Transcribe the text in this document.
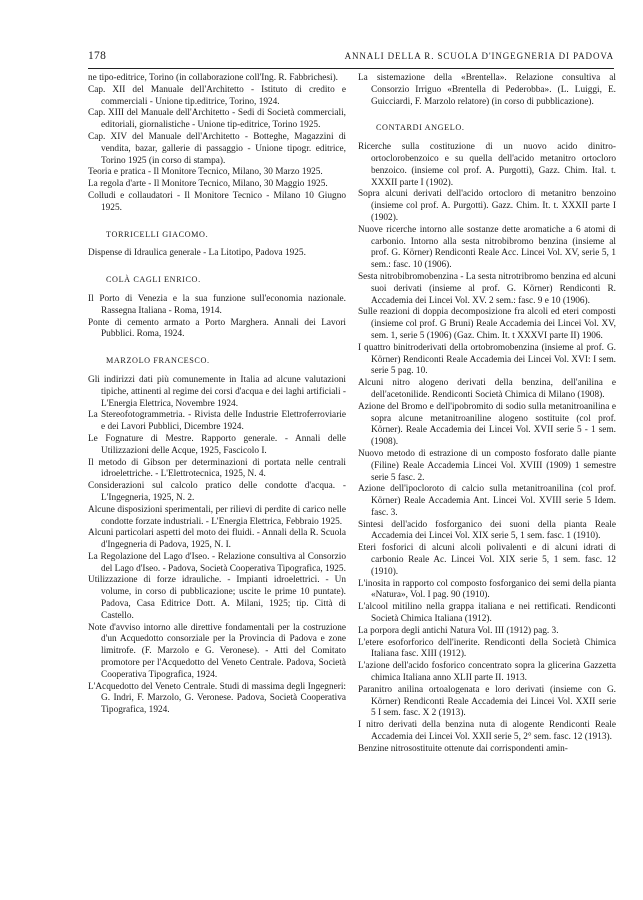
178	ANNALI DELLA R. SCUOLA D'INGEGNERIA DI PADOVA

ne tipo-editrice, Torino (in collaborazione coll'Ing. R. Fabbrichesi).

Cap. XII del Manuale dell'Architetto - Istituto di credito e commerciali - Unione tip.editrice, Torino, 1924.

Cap. XIII del Manuale dell'Architetto - Sedi di Società commerciali, editoriali, giornalistiche - Unione tip-editrice, Torino 1925.

Cap. XIV del Manuale dell'Architetto - Botteghe, Magazzini di vendita, bazar, gallerie di passaggio - Unione tipogr. editrice, Torino 1925 (in corso di stampa).

Teoria e pratica - Il Monitore Tecnico, Milano, 30 Marzo 1925.

La regola d'arte - Il Monitore Tecnico, Milano, 30 Maggio 1925.

Colludi e collaudatori - Il Monitore Tecnico - Milano 10 Giugno 1925.

TORRICELLI GIACOMO.

Dispense di Idraulica generale - La Litotipo, Padova 1925.

COLÀ CAGLI ENRICO.

Il Porto di Venezia e la sua funzione sull'economia nazionale. Rassegna Italiana - Roma, 1914.

Ponte di cemento armato a Porto Marghera. Annali dei Lavori Pubblici. Roma, 1924.

MARZOLO FRANCESCO.

Gli indirizzi dati più comunemente in Italia ad alcune valutazioni tipiche, attinenti al regime dei corsi d'acqua e dei laghi artificiali - L'Energia Elettrica, Novembre 1924.

La Stereofotogrammetria. - Rivista delle Industrie Elettroferroviarie e dei Lavori Pubblici, Dicembre 1924.

Le Fognature di Mestre. Rapporto generale. - Annali delle Utilizzazioni delle Acque, 1925, Fascicolo I.

Il metodo di Gibson per determinazioni di portata nelle centrali idroelettriche. - L'Elettrotecnica, 1925, N. 4.

Considerazioni sul calcolo pratico delle condotte d'acqua. - L'Ingegneria, 1925, N. 2.

Alcune disposizioni sperimentali, per rilievi di perdite di carico nelle condotte forzate industriali. - L'Energia Elettrica, Febbraio 1925.

Alcuni particolari aspetti del moto dei fluidi. - Annali della R. Scuola d'Ingegneria di Padova, 1925, N. I.

La Regolazione del Lago d'Iseo. - Relazione consultiva al Consorzio del Lago d'Iseo. - Padova, Società Cooperativa Tipografica, 1925.

Utilizzazione di forze idrauliche. - Impianti idroelettrici. - Un volume, in corso di pubblicazione; uscite le prime 10 puntate). Padova, Casa Editrice Dott. A. Milani, 1925; tip. Città di Castello.

Note d'avviso intorno alle direttive fondamentali per la costruzione d'un Acquedotto consorziale per la Provincia di Padova e zone limitrofe. (F. Marzolo e G. Veronese). - Atti del Comitato promotore per l'Acquedotto del Veneto Centrale. Padova, Società Cooperativa Tipografica, 1924.

L'Acquedotto del Veneto Centrale. Studi di massima degli Ingegneri: G. Indri, F. Marzolo, G. Veronese. Padova, Società Cooperativa Tipografica, 1924.

La sistemazione della «Brentella». Relazione consultiva al Consorzio Irriguo «Brentella di Pederobba». (L. Luiggi, E. Guicciardi, F. Marzolo relatore) (in corso di pubblicazione).

CONTARDI ANGELO.

Ricerche sulla costituzione di un nuovo acido dinitro-ortoclorobenzoico e su quella dell'acido metanitro ortocloro benzoico. (insieme col prof. A. Purgotti), Gazz. Chim. Ital. t. XXXII parte I (1902).

Sopra alcuni derivati dell'acido ortocloro di metanitro benzoino (insieme col prof. A. Purgotti). Gazz. Chim. It. t. XXXII parte I (1902).

Nuove ricerche intorno alle sostanze dette aromatiche a 6 atomi di carbonio. Intorno alla sesta nitrobibromo benzina (insieme al prof. G. Körner) Rendiconti Reale Acc. Lincei Vol. XV, serie 5, 1 sem.: fasc. 10 (1906).

Sesta nitrobibromobenzina - La sesta nitrotribromo benzina ed alcuni suoi derivati (insieme al prof. G. Körner) Rendiconti R. Accademia dei Lincei Vol. XV. 2 sem.: fasc. 9 e 10 (1906).

Sulle reazioni di doppia decomposizione fra alcoli ed eteri composti (insieme col prof. G Bruni) Reale Accademia dei Lincei Vol. XV, sem. 1, serie 5 (1906) (Gaz. Chim. It. t XXXVI parte II) 1906.

I quattro binitroderivati della ortobromobenzina (insieme al prof. G. Körner) Rendiconti Reale Accademia dei Lincei Vol. XVI: I sem. serie 5 pag. 10.

Alcuni nitro alogeno derivati della benzina, dell'anilina e dell'acetonilide. Rendiconti Società Chimica di Milano (1908).

Azione del Bromo e dell'ipobromito di sodio sulla metanitroanilina e sopra alcune metanitroaniline alogeno sostituite (col prof. Körner). Reale Accademia dei Lincei Vol. XVII serie 5 - 1 sem. (1908).

Nuovo metodo di estrazione di un composto fosforato dalle piante (Filine) Reale Accademia Lincei Vol. XVIII (1909) 1 semestre serie 5 fasc. 2.

Azione dell'ipocloroto di calcio sulla metanitroanilina (col prof. Körner) Reale Accademia Ant. Lincei Vol. XVIII serie 5 Idem. fasc. 3.

Sintesi dell'acido fosforganico dei suoni della pianta Reale Accademia dei Lincei Vol. XIX serie 5, 1 sem. fasc. 1 (1910).

Eteri fosforici di alcuni alcoli polivalenti e di alcuni idrati di carbonio Reale Ac. Lincei Vol. XIX serie 5, 1 sem. fasc. 12 (1910).

L'inosita in rapporto col composto fosforganico dei semi della pianta «Natura», Vol. I pag. 90 (1910).

L'alcool mitilino nella grappa italiana e nei rettificati. Rendiconti Società Chimica Italiana (1912).

La porpora degli antichi Natura Vol. III (1912) pag. 3.

L'etere esoforforico dell'inerite. Rendiconti della Società Chimica Italiana fasc. XIII (1912).

L'azione dell'acido fosforico concentrato sopra la glicerina Gazzetta chimica Italiana anno XLII parte II. 1913.

Paranitro anilina ortoalogenata e loro derivati (insieme con G. Körner) Rendiconti Reale Accademia dei Lincei Vol. XXII serie 5 I sem. fasc. X 2 (1913).

I nitro derivati della benzina nuta di alogente Rendiconti Reale Accademia dei Lincei Vol. XXII serie 5, 2° sem. fasc. 12 (1913).

Benzine nitrosostituite ottenute dai corrispondenti amin-
